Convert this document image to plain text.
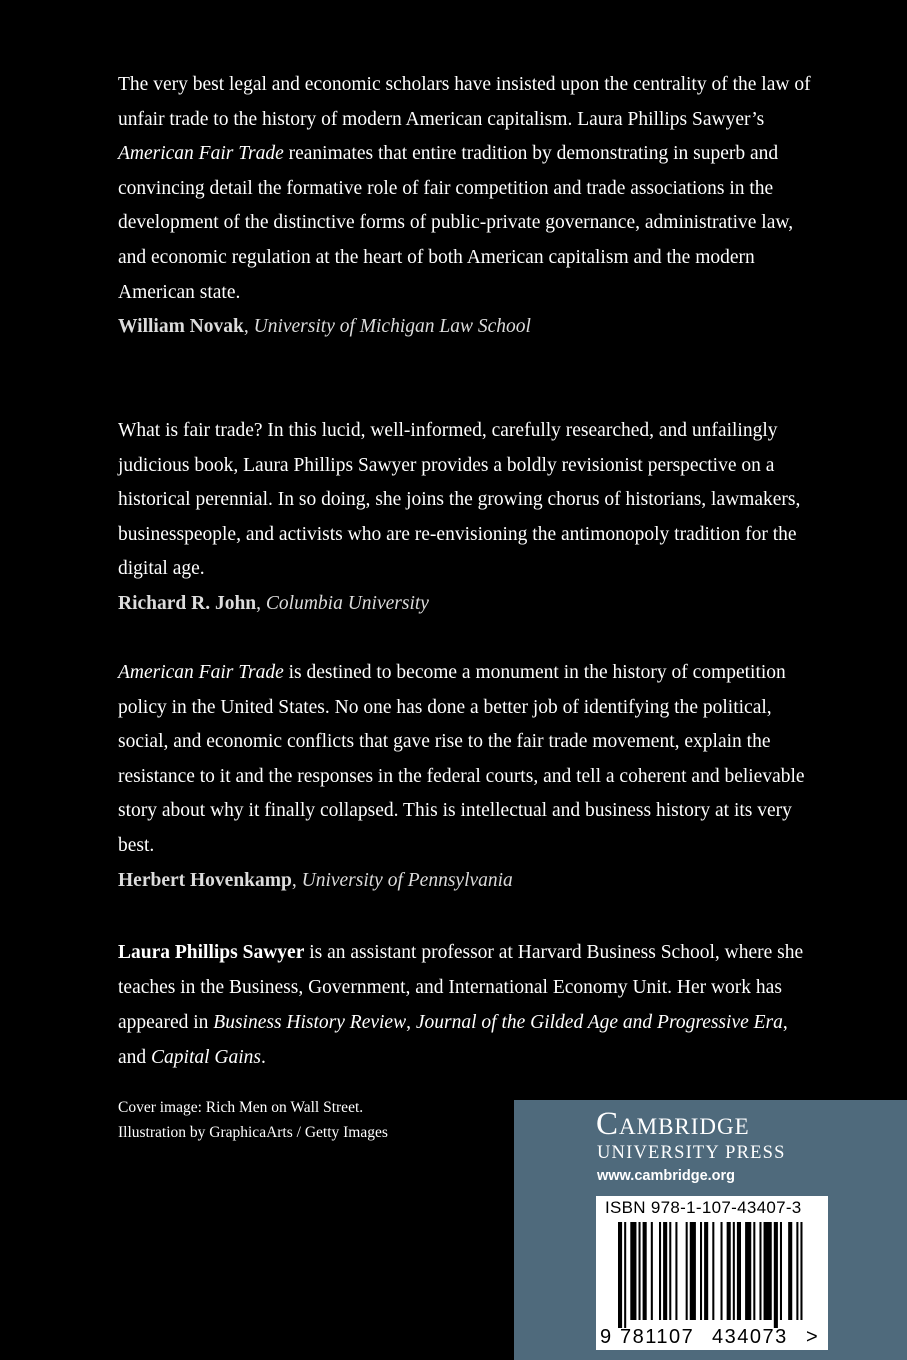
The very best legal and economic scholars have insisted upon the centrality of the law of unfair trade to the history of modern American capitalism. Laura Phillips Sawyer’s American Fair Trade reanimates that entire tradition by demonstrating in superb and convincing detail the formative role of fair competition and trade associations in the development of the distinctive forms of public-private governance, administrative law, and economic regulation at the heart of both American capitalism and the modern American state.

William Novak, University of Michigan Law School

What is fair trade? In this lucid, well-informed, carefully researched, and unfailingly judicious book, Laura Phillips Sawyer provides a boldly revisionist perspective on a historical perennial. In so doing, she joins the growing chorus of historians, lawmakers, businesspeople, and activists who are re-envisioning the antimonopoly tradition for the digital age.

Richard R. John, Columbia University

American Fair Trade is destined to become a monument in the history of competition policy in the United States. No one has done a better job of identifying the political, social, and economic conflicts that gave rise to the fair trade movement, explain the resistance to it and the responses in the federal courts, and tell a coherent and believable story about why it finally collapsed. This is intellectual and business history at its very best.

Herbert Hovenkamp, University of Pennsylvania

Laura Phillips Sawyer is an assistant professor at Harvard Business School, where she teaches in the Business, Government, and International Economy Unit. Her work has appeared in Business History Review, Journal of the Gilded Age and Progressive Era, and Capital Gains.
Cover image: Rich Men on Wall Street.
Illustration by GraphicaArts / Getty Images	Cambridge
UNIVERSITY PRESS
www.cambridge.org
ISBN 978-1-107-43407-3
9 781107 434073 >
